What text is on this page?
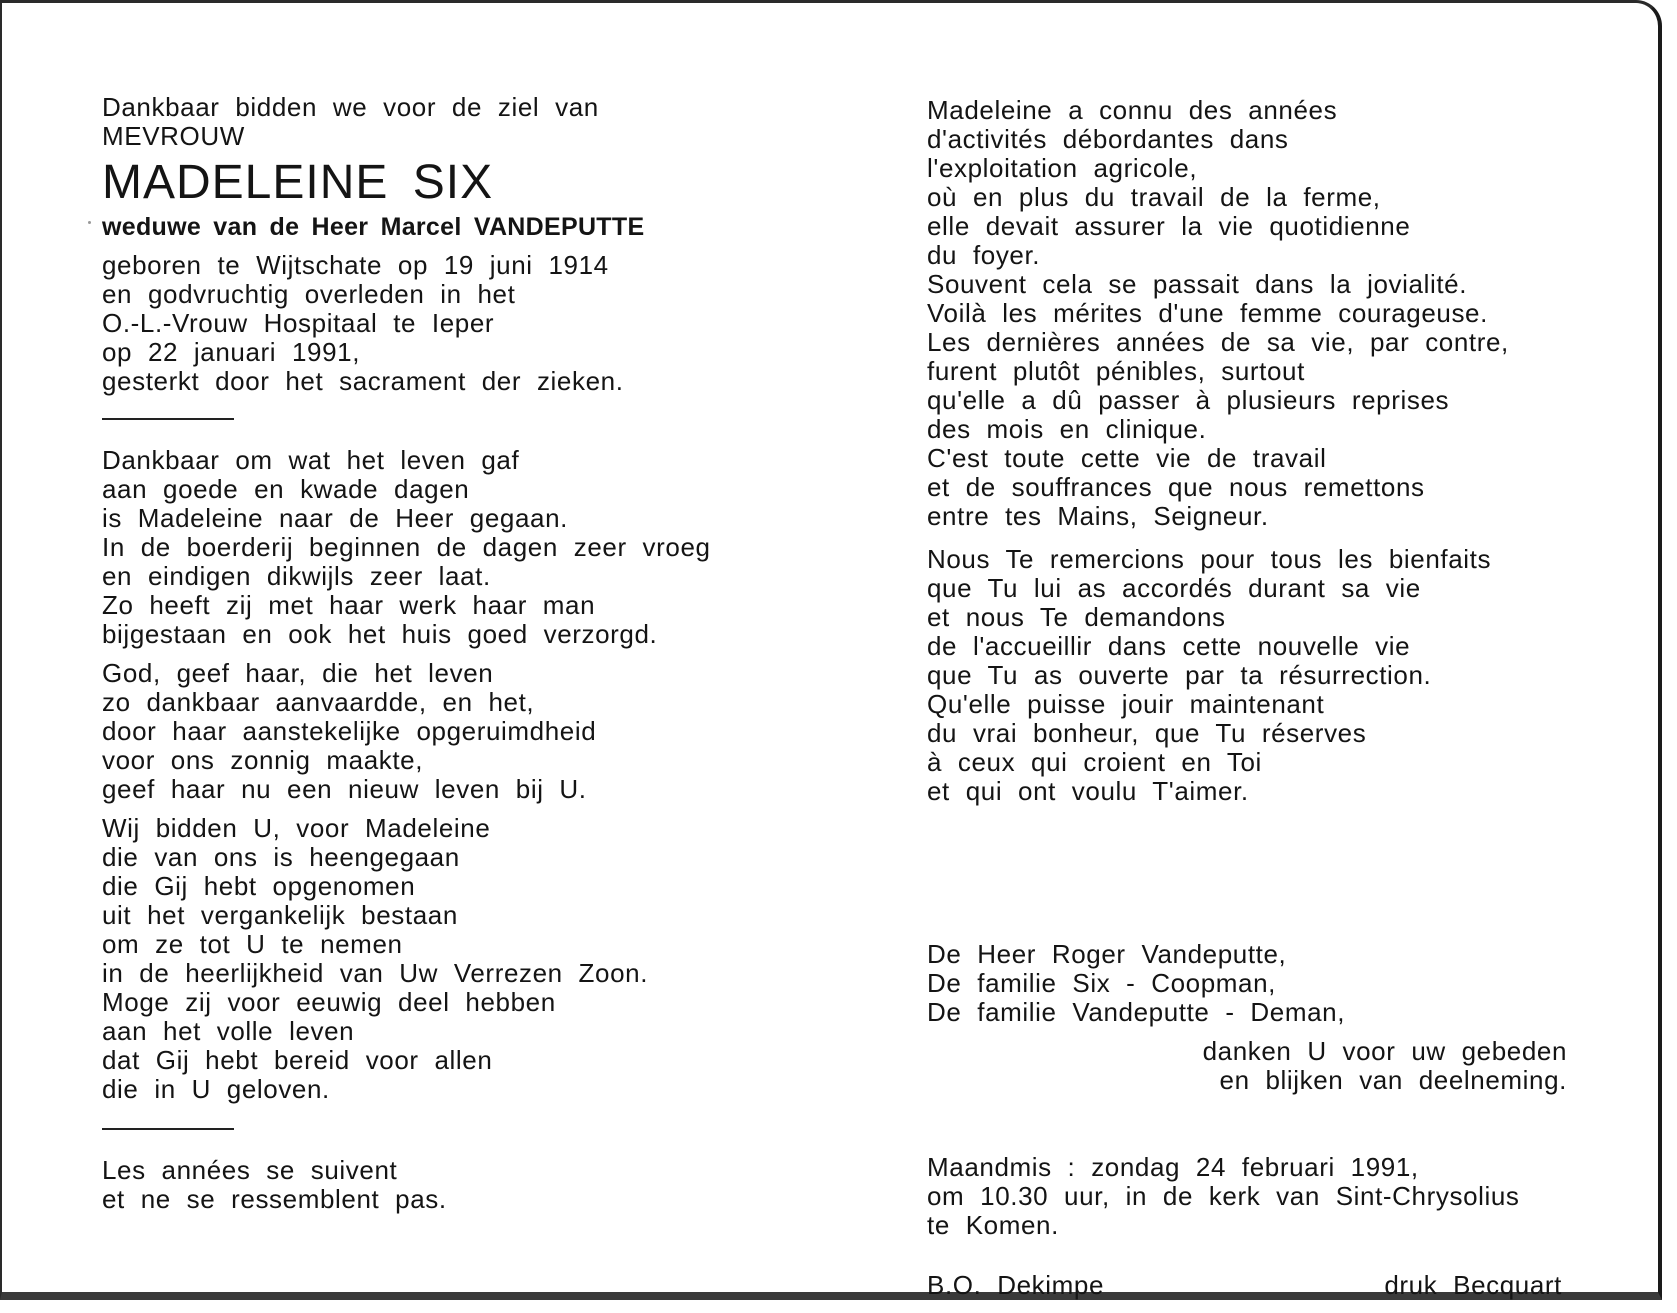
Dankbaar bidden we voor de ziel van
MEVROUW
MADELEINE SIX
weduwe van de Heer Marcel VANDEPUTTE
geboren te Wijtschate op 19 juni 1914
en godvruchtig overleden in het
O.-L.-Vrouw Hospitaal te Ieper
op 22 januari 1991,
gesterkt door het sacrament der zieken.
Dankbaar om wat het leven gaf
aan goede en kwade dagen
is Madeleine naar de Heer gegaan.
In de boerderij beginnen de dagen zeer vroeg
en eindigen dikwijls zeer laat.
Zo heeft zij met haar werk haar man
bijgestaan en ook het huis goed verzorgd.
God, geef haar, die het leven
zo dankbaar aanvaardde, en het,
door haar aanstekelijke opgeruimdheid
voor ons zonnig maakte,
geef haar nu een nieuw leven bij U.
Wij bidden U, voor Madeleine
die van ons is heengegaan
die Gij hebt opgenomen
uit het vergankelijk bestaan
om ze tot U te nemen
in de heerlijkheid van Uw Verrezen Zoon.
Moge zij voor eeuwig deel hebben
aan het volle leven
dat Gij hebt bereid voor allen
die in U geloven.
Les années se suivent
et ne se ressemblent pas.
Madeleine a connu des années
d'activités débordantes dans
l'exploitation agricole,
où en plus du travail de la ferme,
elle devait assurer la vie quotidienne
du foyer.
Souvent cela se passait dans la jovialité.
Voilà les mérites d'une femme courageuse.
Les dernières années de sa vie, par contre,
furent plutôt pénibles, surtout
qu'elle a dû passer à plusieurs reprises
des mois en clinique.
C'est toute cette vie de travail
et de souffrances que nous remettons
entre tes Mains, Seigneur.
Nous Te remercions pour tous les bienfaits
que Tu lui as accordés durant sa vie
et nous Te demandons
de l'accueillir dans cette nouvelle vie
que Tu as ouverte par ta résurrection.
Qu'elle puisse jouir maintenant
du vrai bonheur, que Tu réserves
à ceux qui croient en Toi
et qui ont voulu T'aimer.
De Heer Roger Vandeputte,
De familie Six - Coopman,
De familie Vandeputte - Deman,
danken U voor uw gebeden
en blijken van deelneming.
Maandmis : zondag 24 februari 1991,
om 10.30 uur, in de kerk van Sint-Chrysolius
te Komen.
B.O. Dekimpe	druk Becquart
